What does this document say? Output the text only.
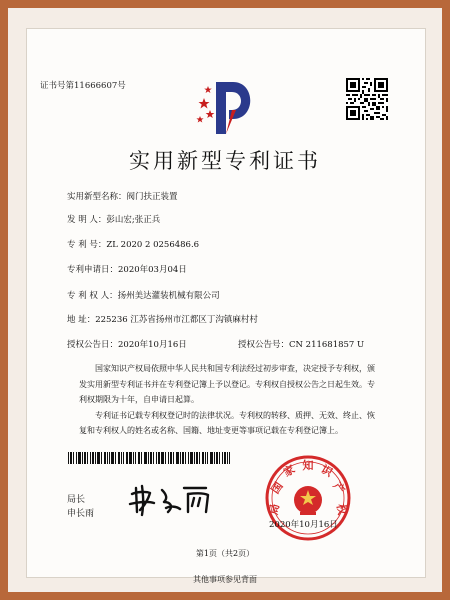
证书号第11666607号
实用新型专利证书
实用新型名称：阀门扶正装置
发 明 人：彭山宏;张正兵
专 利 号：ZL 2020 2 0256486.6
专利申请日：2020年03月04日
专 利 权 人：扬州美达灌装机械有限公司
地 址：225236 江苏省扬州市江都区丁沟镇麻村村
授权公告日：2020年10月16日	授权公告号：CN 211681857 U

国家知识产权局依照中华人民共和国专利法经过初步审查，决定授予专利权，颁发实用新型专利证书并在专利登记簿上予以登记。专利权自授权公告之日起生效。专利权期限为十年，自申请日起算。

专利证书记载专利权登记时的法律状况。专利权的转移、质押、无效、终止、恢复和专利权人的姓名或名称、国籍、地址变更等事项记载在专利登记簿上。

局长
申长雨
国
家 知 识
产
权
局
2020年10月16日
第1页（共2页）
其他事项参见背面
